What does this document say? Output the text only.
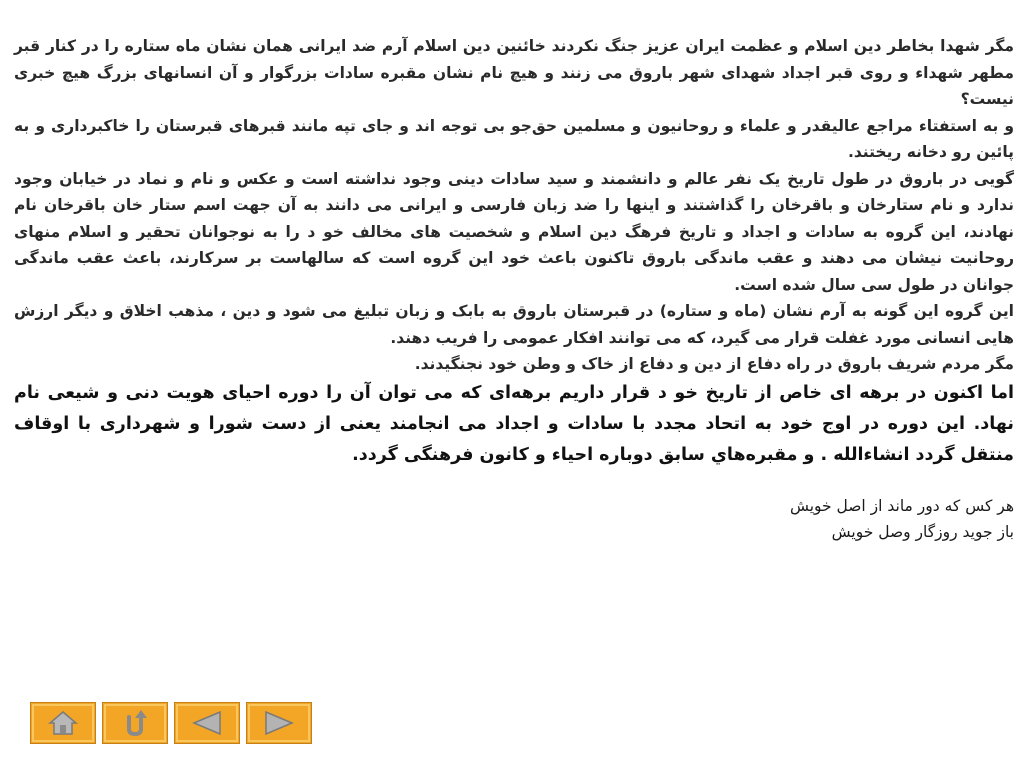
مگر شهدا بخاطر دین اسلام و عظمت ایران عزیز جنگ نکردند خائنین دین اسلام آرم ضد ایرانی همان نشان ماه ستاره را در کنار قبر مطهر شهداء و روی قبر اجداد شهدای شهر باروق می زنند و هیچ نام نشان مقبره سادات بزرگوار و آن انسانهای بزرگ هیچ خبری نیست؟

و به استفتاء مراجع عالیقدر و علماء و روحانیون و مسلمین حق‌جو بی توجه اند و جای تپه مانند قبرهای قبرستان را خاکبرداری و به پائین رو دخانه ریختند.

گویی در باروق در طول تاریخ یک نفر عالم و دانشمند و سید سادات دینی وجود نداشته است و عکس و نام و نماد در خیابان وجود ندارد و نام ستارخان و باقرخان را گذاشتند و اینها را ضد زبان فارسی و ایرانی می دانند به آن جهت اسم ستار خان باقرخان نام نهادند، این گروه به سادات و اجداد و تاریخ فرهگ دین اسلام و شخصیت های مخالف خو د را به نوجوانان تحقیر و اسلام منهای روحانیت نیشان می دهند و عقب ماندگی باروق تاکنون باعث خود این گروه است که سالهاست بر سرکارند، باعث عقب ماندگی جوانان در طول سی سال شده است.

این گروه این گونه به آرم نشان (ماه و ستاره) در قبرستان باروق به بابک و زبان تبلیغ می شود و دین ، مذهب اخلاق و دیگر ارزش هایی انسانی مورد غفلت قرار می گیرد، که می توانند افکار عمومی را فریب دهند.

مگر مردم شریف باروق در راه دفاع از دین و دفاع از خاک و وطن خود نجنگیدند.

اما اکنون در برهه ای خاص از تاریخ خو د قرار داریم برهه‌ای که می توان آن را دوره احیای هویت دنی و شیعی نام نهاد. این دوره در اوج خود به اتحاد مجدد با سادات و اجداد می انجامند یعنی از دست شورا و شهرداری با اوقاف منتقل گردد انشاءالله . و مقبره‌هاي سابق دوباره احیاء و کانون فرهنگی گردد.

هر کس که دور ماند از اصل خویش

باز جوید روزگار وصل خویش
